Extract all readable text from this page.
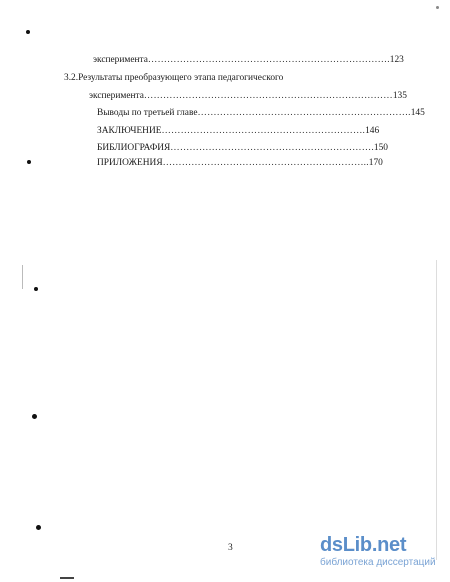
эксперимента………………………………………………………………….123
3.2.Результаты преобразующего этапа педагогического
эксперимента……………………………………………………………………135
Выводы по третьей главе………………………………………………………….145
ЗАКЛЮЧЕНИЕ……………………………………………………….146
БИБЛИОГРАФИЯ……………………………………………………….150
ПРИЛОЖЕНИЯ………………………………………………………..170
3	dsLib.net
библиотека диссертаций
